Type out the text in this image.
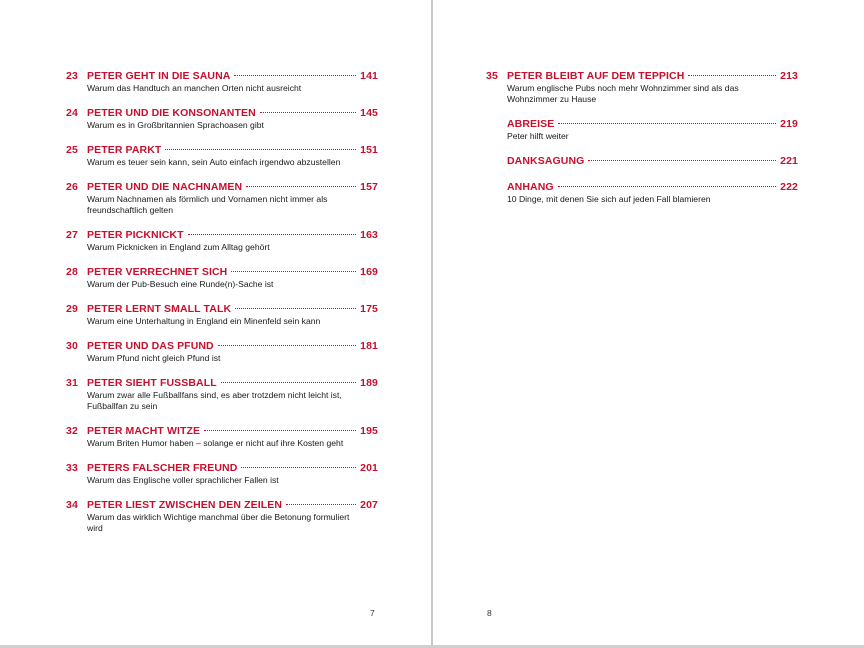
23 PETER GEHT IN DIE SAUNA	141
Warum das Handtuch an manchen Orten nicht ausreicht
24 PETER UND DIE KONSONANTEN	145
Warum es in Großbritannien Sprachoasen gibt
25 PETER PARKT	151
Warum es teuer sein kann, sein Auto einfach irgendwo abzustellen
26 PETER UND DIE NACHNAMEN	157
Warum Nachnamen als förmlich und Vornamen nicht immer als freundschaftlich gelten
27 PETER PICKNICKT	163
Warum Picknicken in England zum Alltag gehört
28 PETER VERRECHNET SICH	169
Warum der Pub-Besuch eine Runde(n)-Sache ist
29 PETER LERNT SMALL TALK	175
Warum eine Unterhaltung in England ein Minenfeld sein kann
30 PETER UND DAS PFUND	181
Warum Pfund nicht gleich Pfund ist
31 PETER SIEHT FUSSBALL	189
Warum zwar alle Fußballfans sind, es aber trotzdem nicht leicht ist, Fußballfan zu sein
32 PETER MACHT WITZE	195
Warum Briten Humor haben – solange er nicht auf ihre Kosten geht
33 PETERS FALSCHER FREUND	201
Warum das Englische voller sprachlicher Fallen ist
34 PETER LIEST ZWISCHEN DEN ZEILEN	207
Warum das wirklich Wichtige manchmal über die Betonung formuliert wird
7
35 PETER BLEIBT AUF DEM TEPPICH	213
Warum englische Pubs noch mehr Wohnzimmer sind als das Wohnzimmer zu Hause
ABREISE	219
Peter hilft weiter
DANKSAGUNG	221
ANHANG	222
10 Dinge, mit denen Sie sich auf jeden Fall blamieren
8
